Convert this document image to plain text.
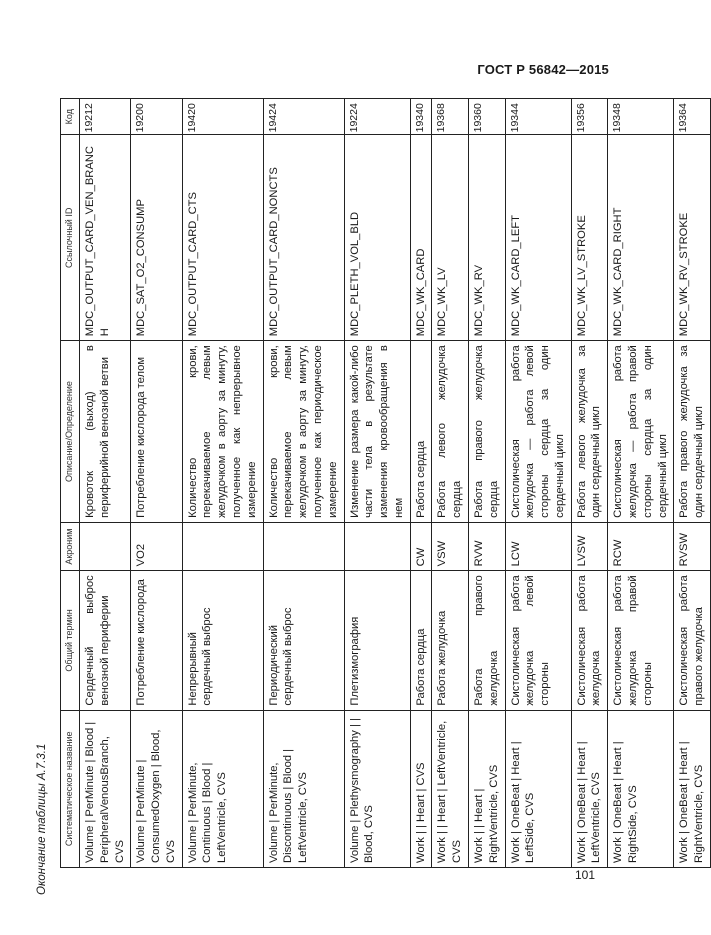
ГОСТ Р 56842—2015
Окончание таблицы А.7.3.1 Систематическое название	Общий термин	Акроним	Описание/Определение	Ссылочный ID	Код
Volume | PerMinute | Blood | PeripheralVenousBranch, CVS	Сердечный выброс венозной периферии		Кровоток (выход) в периферийной венозной ветви	MDC_OUTPUT_CARD_VEN_BRANCH	19212
Volume | PerMinute | ConsumedOxygen | Blood, CVS	Потребление кислорода	VO2	Потребление кислорода телом	MDC_SAT_O2_CONSUMP	19200
Volume | PerMinute, Continuous | Blood | LeftVentricle, CVS	Непрерывный сердечный выброс		Количество крови, перекачиваемое левым желудочком в аорту за минуту, полученное как непрерывное измерение	MDC_OUTPUT_CARD_CTS	19420
Volume | PerMinute, Discontinuous | Blood | LeftVentricle, CVS	Периодический сердечный выброс		Количество крови, перекачиваемое левым желудочком в аорту за минуту, полученное как периодическое измерение	MDC_OUTPUT_CARD_NONCTS	19424
Volume | Plethysmography | | Blood, CVS	Плетизмография		Изменение размера какой-либо части тела в результате изменения кровообращения в нем	MDC_PLETH_VOL_BLD	19224
Work | | Heart | CVS	Работа сердца	CW	Работа сердца	MDC_WK_CARD	19340
Work | | Heart | LeftVentricle, CVS	Работа желудочка	VSW	Работа левого желудочка сердца	MDC_WK_LV	19368
Work | | Heart | RightVentricle, CVS	Работа правого желудочка	RVW	Работа правого желудочка сердца	MDC_WK_RV	19360
Work | OneBeat | Heart | LeftSide, CVS	Систолическая работа желудочка левой стороны	LCW	Систолическая работа желудочка — работа левой стороны сердца за один сердечный цикл	MDC_WK_CARD_LEFT	19344
Work | OneBeat | Heart | LeftVentricle, CVS	Систолическая работа желудочка	LVSW	Работа левого желудочка за один сердечный цикл	MDC_WK_LV_STROKE	19356
Work | OneBeat | Heart | RightSide, CVS	Систолическая работа желудочка правой стороны	RCW	Систолическая работа желудочка — работа правой стороны сердца за один сердечный цикл	MDC_WK_CARD_RIGHT	19348
Work | OneBeat | Heart | RightVentricle, CVS	Систолическая работа правого желудочка	RVSW	Работа правого желудочка за один сердечный цикл	MDC_WK_RV_STROKE	19364
101
